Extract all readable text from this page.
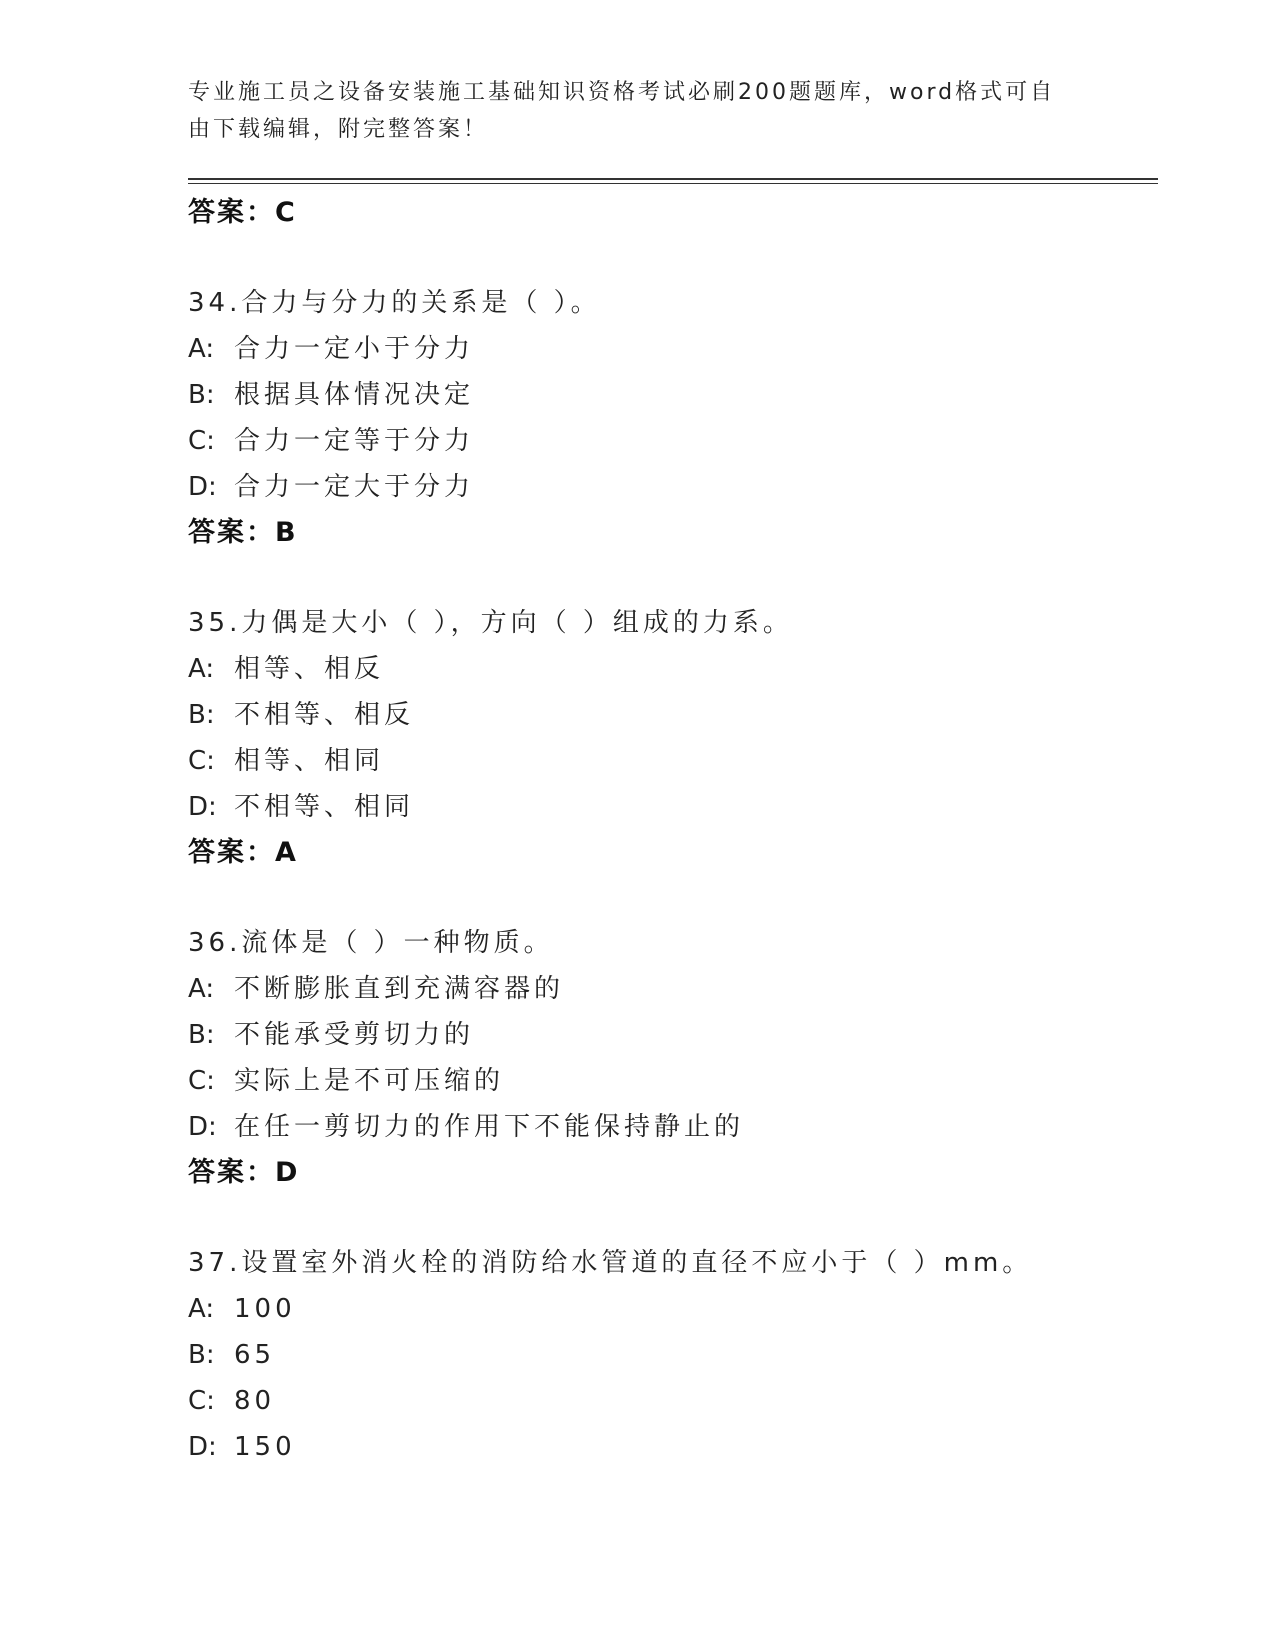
专业施工员之设备安装施工基础知识资格考试必刷200题题库，word格式可自由下载编辑，附完整答案！
答案：C
34.合力与分力的关系是（ ）。
A: 合力一定小于分力
B: 根据具体情况决定
C: 合力一定等于分力
D: 合力一定大于分力
答案：B
35.力偶是大小（ ），方向（ ）组成的力系。
A: 相等、相反
B: 不相等、相反
C: 相等、相同
D: 不相等、相同
答案：A
36.流体是（ ）一种物质。
A: 不断膨胀直到充满容器的
B: 不能承受剪切力的
C: 实际上是不可压缩的
D: 在任一剪切力的作用下不能保持静止的
答案：D
37.设置室外消火栓的消防给水管道的直径不应小于（ ）mm。
A: 100
B: 65
C: 80
D: 150
